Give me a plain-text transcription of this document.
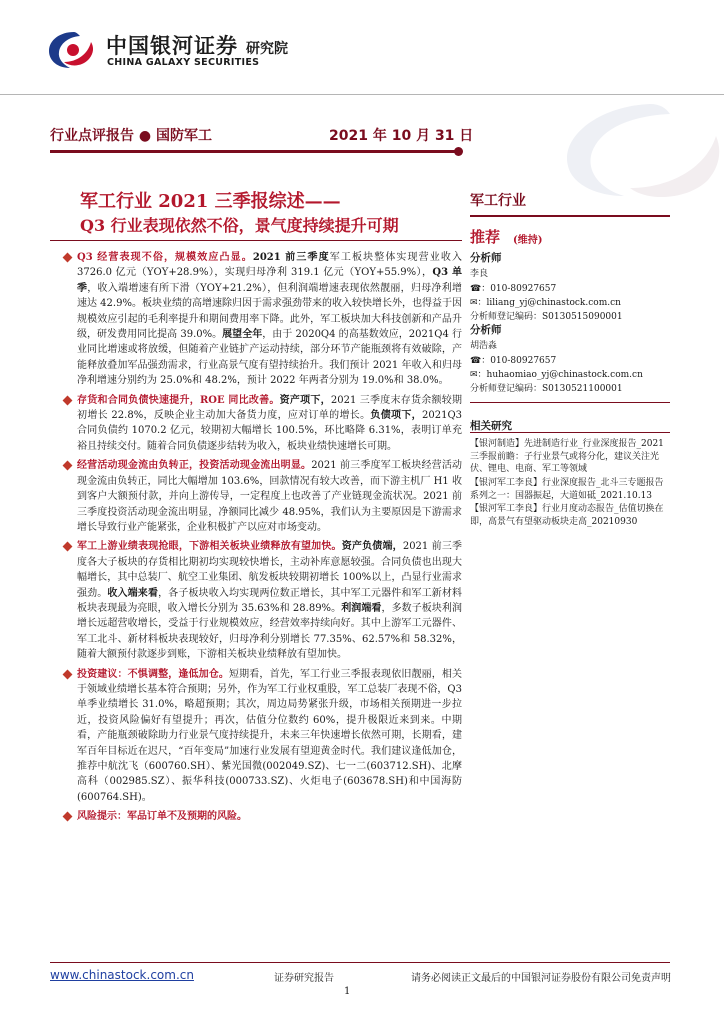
中国银河证券 研究院
CHINA GALAXY SECURITIES
行业点评报告 ● 国防军工	2021 年 10 月 31 日
军工行业 2021 三季报综述——
Q3 行业表现依然不俗，景气度持续提升可期
Q3 经营表现不俗，规模效应凸显。2021 前三季度军工板块整体实现营业收入 3726.0 亿元（YOY+28.9%），实现归母净利 319.1 亿元（YOY+55.9%），Q3 单季，收入端增速有所下滑（YOY+21.2%），但利润端增速表现依然靓丽，归母净利增速达 42.9%。板块业绩的高增速除归因于需求强劲带来的收入较快增长外，也得益于因规模效应引起的毛利率提升和期间费用率下降。此外，军工板块加大科技创新和产品升级，研发费用同比提高 39.0%。展望全年，由于 2020Q4 的高基数效应，2021Q4 行业同比增速或将放缓，但随着产业链扩产运动持续，部分环节产能瓶颈将有效破除，产能释放叠加军品强劲需求，行业高景气度有望持续抬升。我们预计 2021 年收入和归母净利增速分别约为 25.0%和 48.2%，预计 2022 年两者分别为 19.0%和 38.0%。
存货和合同负债快速提升，ROE 同比改善。资产项下，2021 三季度末存货余额较期初增长 22.8%，反映企业主动加大备货力度，应对订单的增长。负债项下，2021Q3 合同负债约 1070.2 亿元，较期初大幅增长 100.5%，环比略降 6.31%，表明订单充裕且持续交付。随着合同负债逐步结转为收入，板块业绩快速增长可期。
经营活动现金流由负转正，投资活动现金流出明显。2021 前三季度军工板块经营活动现金流由负转正，同比大幅增加 103.6%，回款情况有较大改善，而下游主机厂 H1 收到客户大额预付款，并向上游传导，一定程度上也改善了产业链现金流状况。2021 前三季度投资活动现金流出明显，净额同比减少 48.95%，我们认为主要原因是下游需求增长导致行业产能紧张，企业积极扩产以应对市场变动。
军工上游业绩表现抢眼，下游相关板块业绩释放有望加快。资产负债端，2021 前三季度各大子板块的存货相比期初均实现较快增长，主动补库意愿较强。合同负债也出现大幅增长，其中总装厂、航空工业集团、航发板块较期初增长 100%以上，凸显行业需求强劲。收入端来看，各子板块收入均实现两位数正增长，其中军工元器件和军工新材料板块表现最为亮眼，收入增长分别为 35.63%和 28.89%。利润端看，多数子板块利润增长远超营收增长，受益于行业规模效应，经营效率持续向好。其中上游军工元器件、军工北斗、新材料板块表现较好，归母净利分别增长 77.35%、62.57%和 58.32%，随着大额预付款逐步到账，下游相关板块业绩释放有望加快。
投资建议：不惧调整，逢低加仓。短期看，首先，军工行业三季报表现依旧靓丽，相关于领域业绩增长基本符合预期；另外，作为军工行业权重股，军工总装厂表现不俗，Q3 单季业绩增长 31.0%，略超预期；其次，周边局势紧张升级，市场相关预期进一步拉近，投资风险偏好有望提升；再次，估值分位数约 60%，提升极限近来到来。中期看，产能瓶颈破除助力行业景气度持续提升，未来三年快速增长依然可期，长期看，建军百年目标近在迟尺，“百年变局”加速行业发展有望迎黄金时代。我们建议逢低加仓，推荐中航沈飞（600760.SH）、紫光国微(002049.SZ)、七一二(603712.SH)、北摩高科（002985.SZ）、振华科技(000733.SZ)、火炬电子(603678.SH)和中国海防(600764.SH)。
风险提示：军品订单不及预期的风险。
军工行业
推荐 (维持)
分析师
李良
☎：010-80927657
✉：liliang_yj@chinastock.com.cn
分析师登记编码：S0130515090001
分析师
胡浩淼
☎：010-80927657
✉：huhaomiao_yj@chinastock.com.cn
分析师登记编码：S0130521100001
相关研究
【银河制造】先进制造行业_行业深度报告_2021 三季报前瞻：子行业景气或将分化，建议关注光伏、锂电、电商、军工等领域
【银河军工李良】行业深度报告_北斗三专题报告系列之一：国器振起，大道如砥_2021.10.13
【银河军工李良】行业月度动态报告_估值切换在即，高景气有望驱动板块走高_20210930
www.chinastock.com.cn	证券研究报告
1
请务必阅读正文最后的中国银河证券股份有限公司免责声明
